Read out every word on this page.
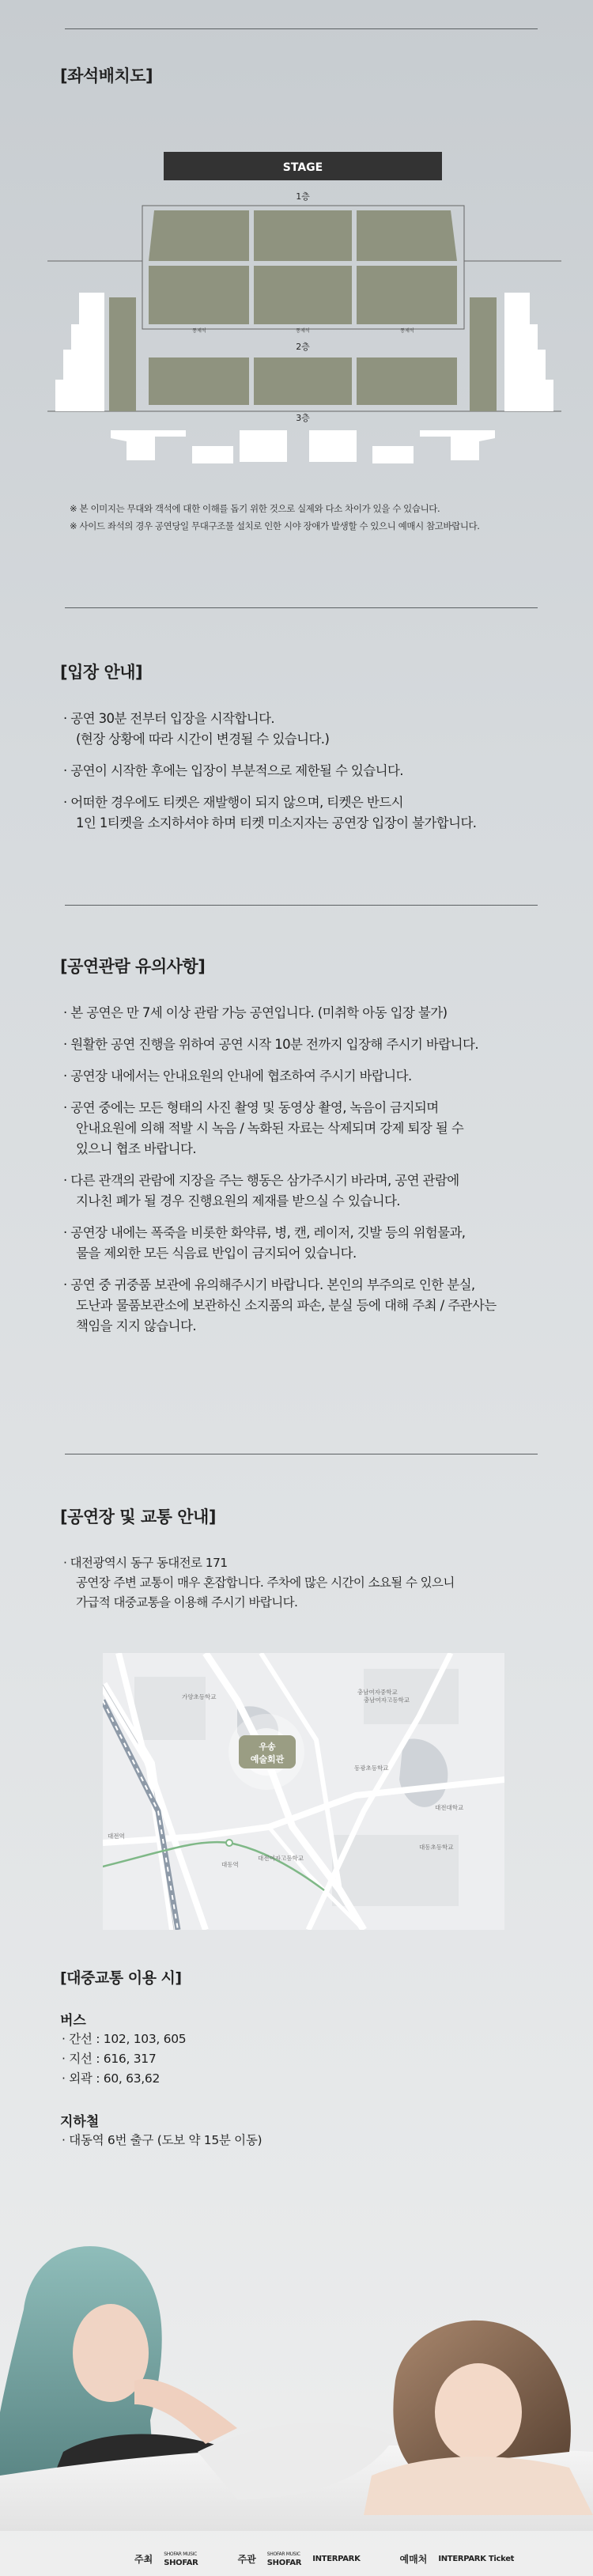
[좌석배치도]
STAGE
1층
통제석	통제석	통제석
2층
3층
※ 본 이미지는 무대와 객석에 대한 이해를 돕기 위한 것으로 실제와 다소 차이가 있을 수 있습니다.
※ 사이드 좌석의 경우 공연당일 무대구조물 설치로 인한 시야 장애가 발생할 수 있으니 예매시 참고바랍니다.
[입장 안내]
· 공연 30분 전부터 입장을 시작합니다.
(현장 상황에 따라 시간이 변경될 수 있습니다.)
· 공연이 시작한 후에는 입장이 부분적으로 제한될 수 있습니다.
· 어떠한 경우에도 티켓은 재발행이 되지 않으며, 티켓은 반드시
1인 1티켓을 소지하셔야 하며 티켓 미소지자는 공연장 입장이 불가합니다.
[공연관람 유의사항]
· 본 공연은 만 7세 이상 관람 가능 공연입니다. (미취학 아동 입장 불가)
· 원활한 공연 진행을 위하여 공연 시작 10분 전까지 입장해 주시기 바랍니다.
· 공연장 내에서는 안내요원의 안내에 협조하여 주시기 바랍니다.
· 공연 중에는 모든 형태의 사진 촬영 및 동영상 촬영, 녹음이 금지되며
안내요원에 의해 적발 시 녹음 / 녹화된 자료는 삭제되며 강제 퇴장 될 수
있으니 협조 바랍니다.
· 다른 관객의 관람에 지장을 주는 행동은 삼가주시기 바라며, 공연 관람에
지나친 폐가 될 경우 진행요원의 제재를 받으실 수 있습니다.
· 공연장 내에는 폭죽을 비롯한 화약류, 병, 캔, 레이저, 깃발 등의 위험물과,
물을 제외한 모든 식음료 반입이 금지되어 있습니다.
· 공연 중 귀중품 보관에 유의해주시기 바랍니다. 본인의 부주의로 인한 분실,
도난과 물품보관소에 보관하신 소지품의 파손, 분실 등에 대해 주최 / 주관사는
책임을 지지 않습니다.
[공연장 및 교통 안내]
· 대전광역시 동구 동대전로 171
공연장 주변 교통이 매우 혼잡합니다. 주차에 많은 시간이 소요될 수 있으니
가급적 대중교통을 이용해 주시기 바랍니다.
우송
예술회관
가양초등학교
충남여자중학교
동광초등학교
충남여자고등학교
대전역
대동역
대전여자고등학교
대전대학교
대동초등학교
[대중교통 이용 시]
버스
· 간선 : 102, 103, 605
· 지선 : 616, 317
· 외곽 : 60, 63,62
지하철
· 대동역 6번 출구 (도보 약 15분 이동)
주최 SHOFAR MUSIC
SHOFAR	주관 SHOFAR MUSIC
SHOFAR INTERPARK	예매처 INTERPARK Ticket
